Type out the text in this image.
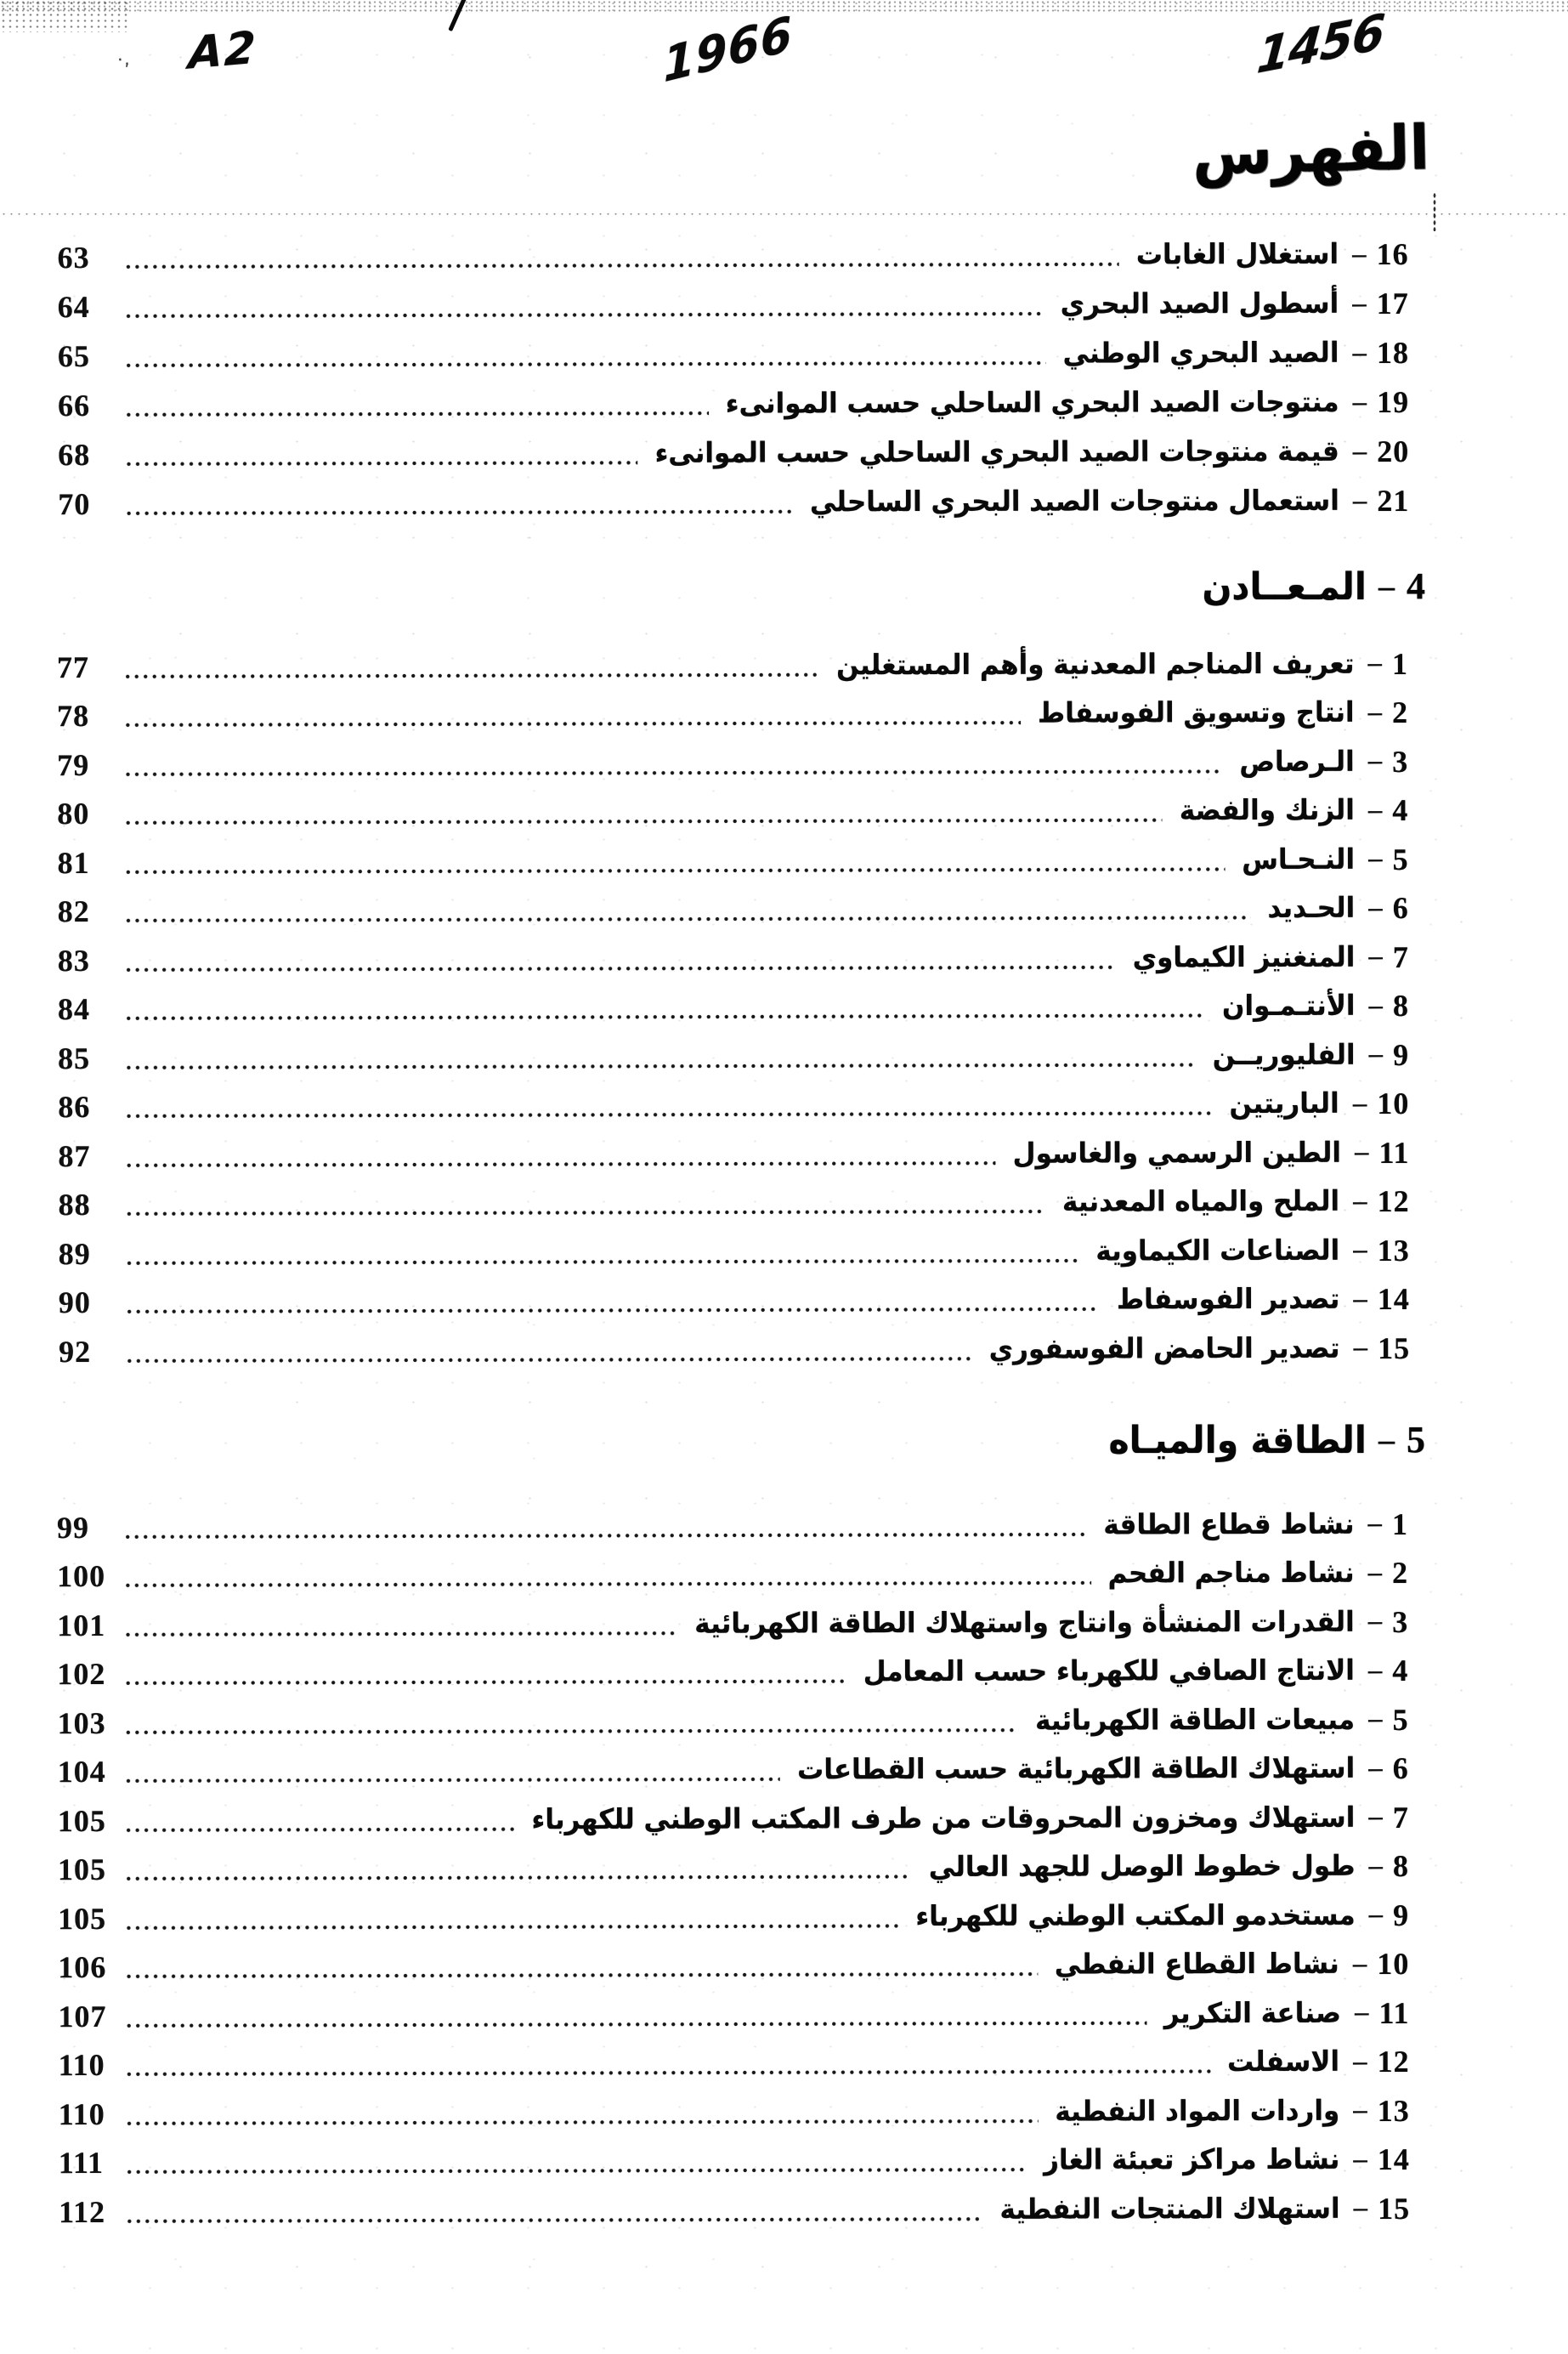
·, A2	1966	1456
الفهرس
63	استغلال الغابات – 16
64	أسطول الصيد البحري – 17
65	الصيد البحري الوطني – 18
66	منتوجات الصيد البحري الساحلي حسب الموانىء – 19
68	قيمة منتوجات الصيد البحري الساحلي حسب الموانىء – 20
70	استعمال منتوجات الصيد البحري الساحلي – 21
المـعــادن – 4
77	تعريف المناجم المعدنية وأهم المستغلين – 1
78	انتاج وتسويق الفوسفاط – 2
79	الـرصاص – 3
80	الزنك والفضة – 4
81	النـحـاس – 5
82	الحـديد – 6
83	المنغنيز الكيماوي – 7
84	الأنتـمـوان – 8
85	الفليوريــن – 9
86	الباريتين – 10
87	الطين الرسمي والغاسول – 11
88	الملح والمياه المعدنية – 12
89	الصناعات الكيماوية – 13
90	تصدير الفوسفاط – 14
92	تصدير الحامض الفوسفوري – 15
الطاقة والميـاه – 5
99	نشاط قطاع الطاقة – 1
100	نشاط مناجم الفحم – 2
101	القدرات المنشأة وانتاج واستهلاك الطاقة الكهربائية – 3
102	الانتاج الصافي للكهرباء حسب المعامل – 4
103	مبيعات الطاقة الكهربائية – 5
104	استهلاك الطاقة الكهربائية حسب القطاعات – 6
105	استهلاك ومخزون المحروقات من طرف المكتب الوطني للكهرباء – 7
105	طول خطوط الوصل للجهد العالي – 8
105	مستخدمو المكتب الوطني للكهرباء – 9
106	نشاط القطاع النفطي – 10
107	صناعة التكرير – 11
110	الاسفلت – 12
110	واردات المواد النفطية – 13
111	نشاط مراكز تعبئة الغاز – 14
112	استهلاك المنتجات النفطية – 15
